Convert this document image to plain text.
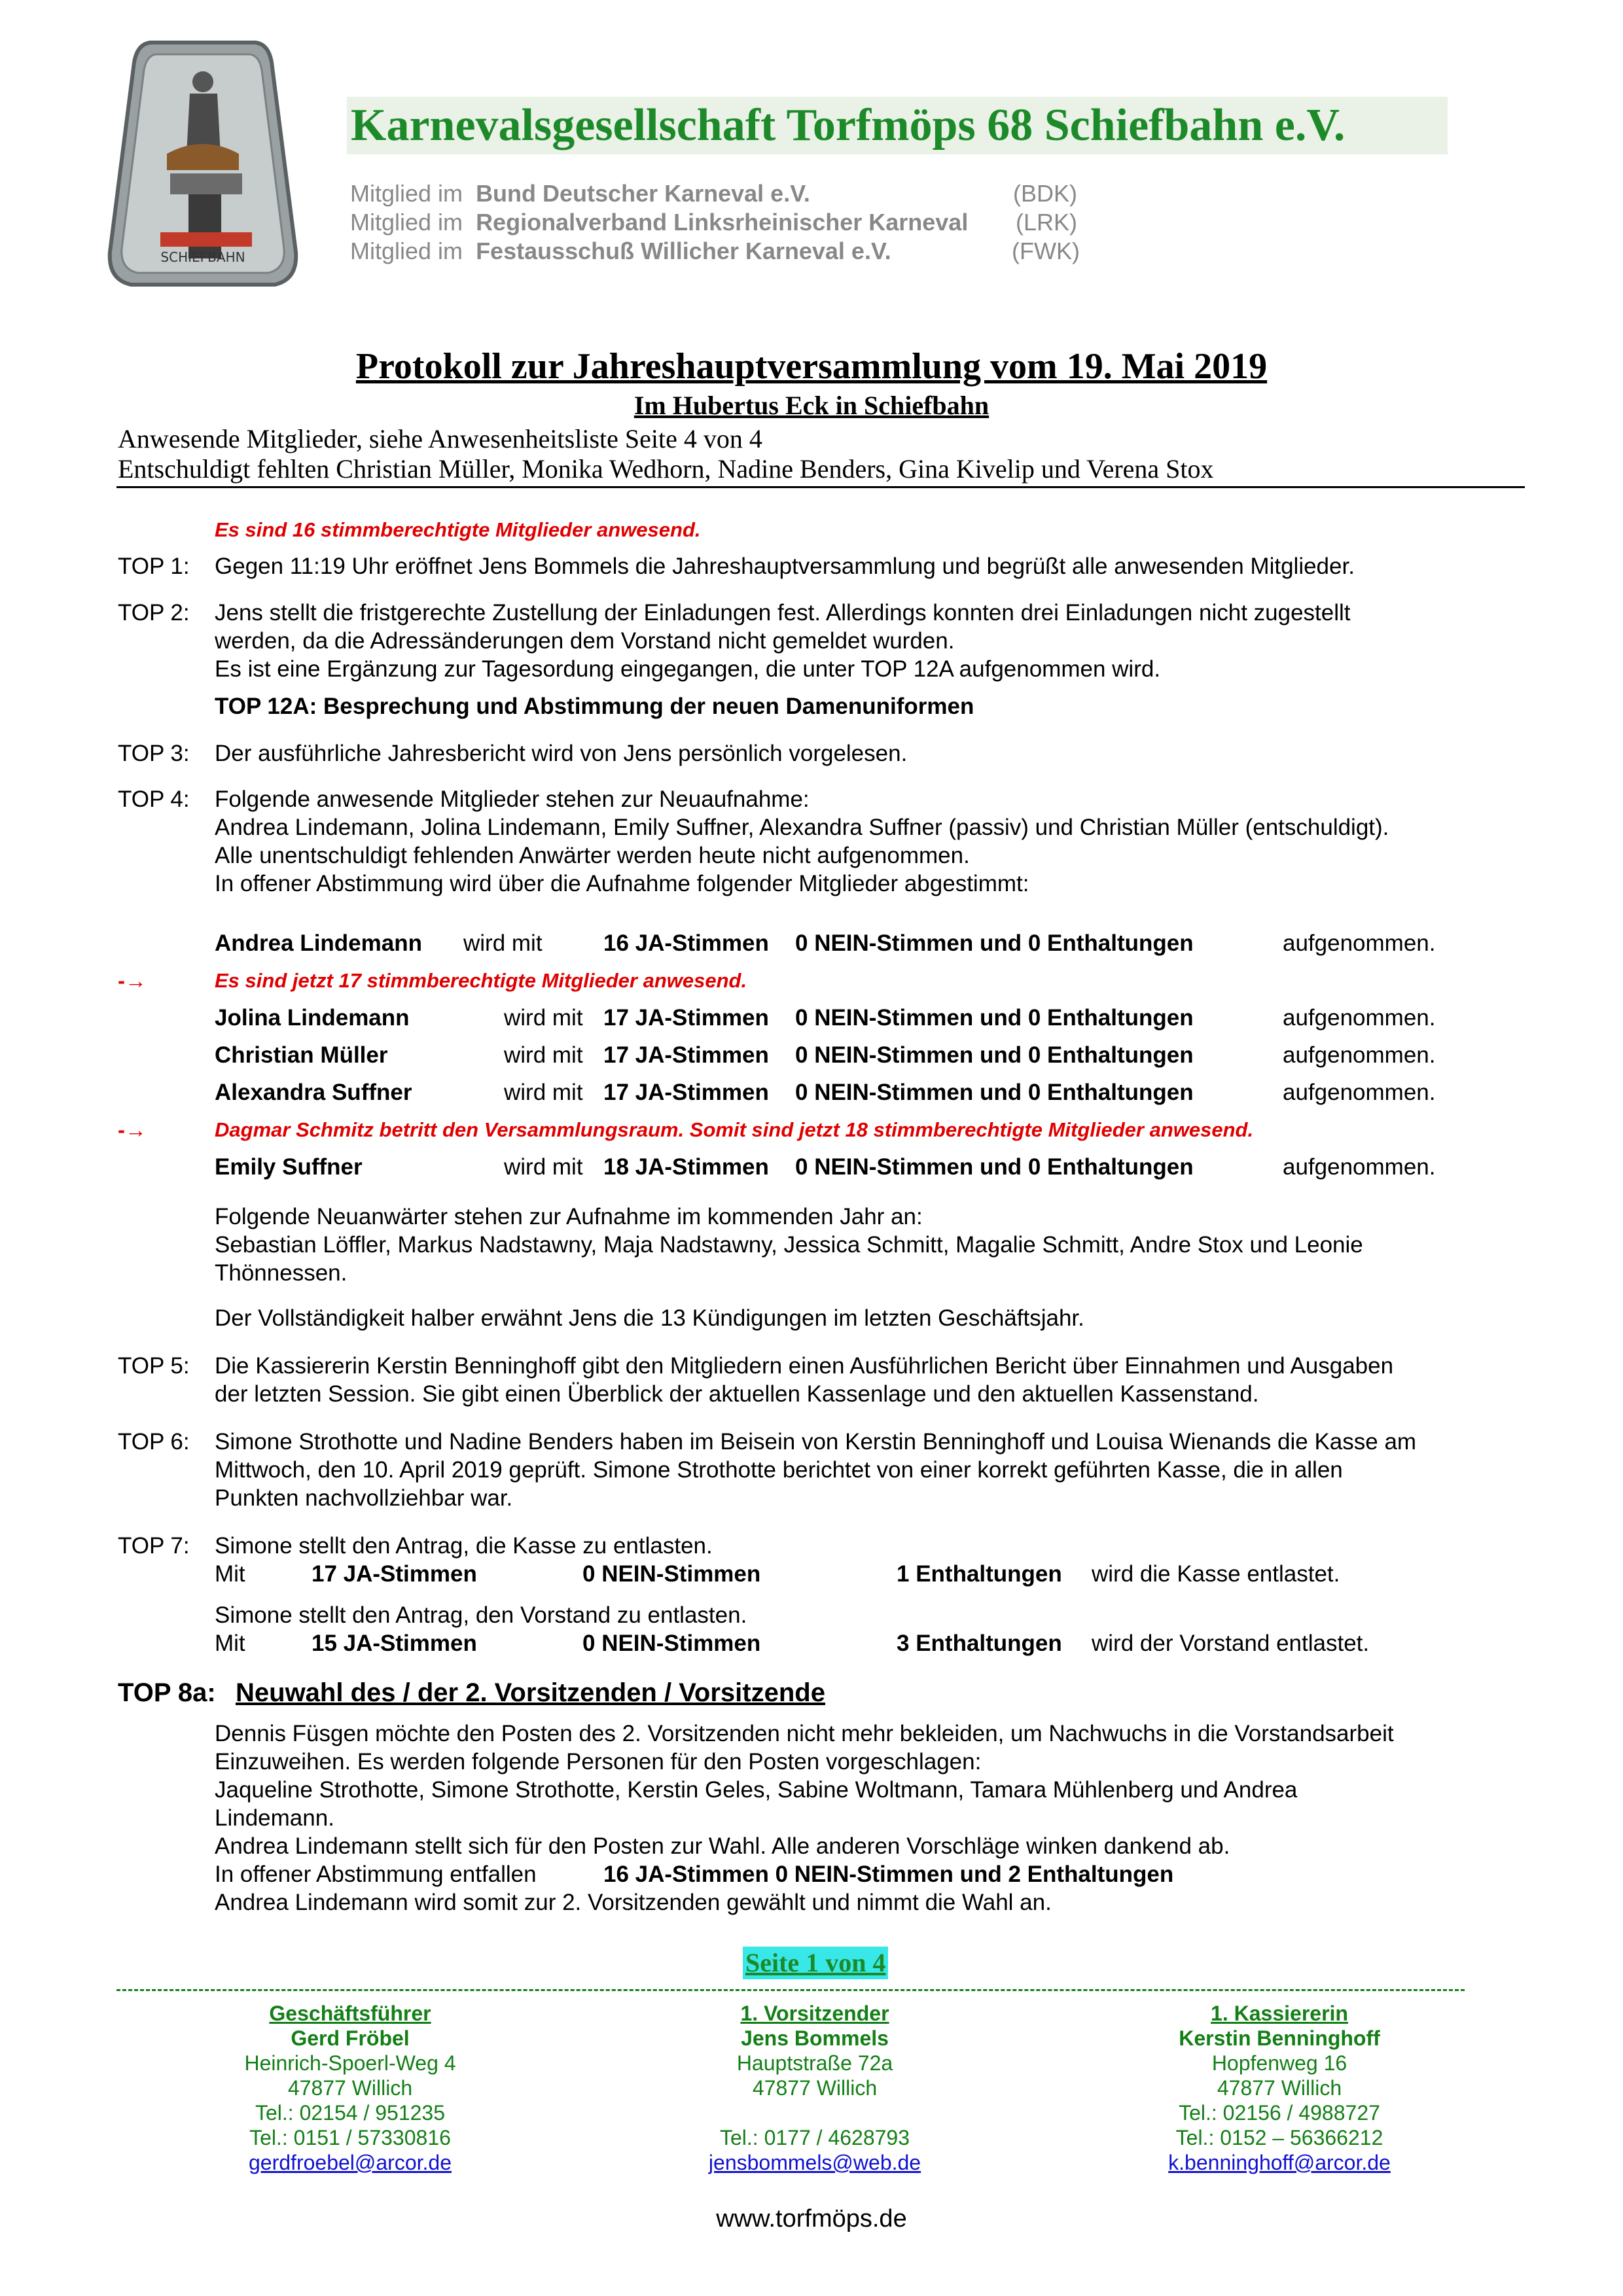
SCHIEFBAHN
Karnevalsgesellschaft Torfmöps 68 Schiefbahn e.V.
Mitglied im Bund Deutscher Karneval e.V.	(BDK)
Mitglied im Regionalverband Linksrheinischer Karneval (LRK)
Mitglied im Festausschuß Willicher Karneval e.V.	(FWK)
Protokoll zur Jahreshauptversammlung vom 19. Mai 2019
Im Hubertus Eck in Schiefbahn
Anwesende Mitglieder, siehe Anwesenheitsliste Seite 4 von 4
Entschuldigt fehlten Christian Müller, Monika Wedhorn, Nadine Benders, Gina Kivelip und Verena Stox
Es sind 16 stimmberechtigte Mitglieder anwesend.
TOP 1: Gegen 11:19 Uhr eröffnet Jens Bommels die Jahreshauptversammlung und begrüßt alle anwesenden Mitglieder.
TOP 2: Jens stellt die fristgerechte Zustellung der Einladungen fest. Allerdings konnten drei Einladungen nicht zugestellt
werden, da die Adressänderungen dem Vorstand nicht gemeldet wurden.
Es ist eine Ergänzung zur Tagesordung eingegangen, die unter TOP 12A aufgenommen wird.
TOP 12A: Besprechung und Abstimmung der neuen Damenuniformen
TOP 3: Der ausführliche Jahresbericht wird von Jens persönlich vorgelesen.
TOP 4: Folgende anwesende Mitglieder stehen zur Neuaufnahme:
Andrea Lindemann, Jolina Lindemann, Emily Suffner, Alexandra Suffner (passiv) und Christian Müller (entschuldigt).
Alle unentschuldigt fehlenden Anwärter werden heute nicht aufgenommen.
In offener Abstimmung wird über die Aufnahme folgender Mitglieder abgestimmt:
Andrea Lindemann wird mit	16 JA-Stimmen 0 NEIN-Stimmen und 0 Enthaltungen	aufgenommen.
-→	Es sind jetzt 17 stimmberechtigte Mitglieder anwesend.
Jolina Lindemann	wird mit 17 JA-Stimmen 0 NEIN-Stimmen und 0 Enthaltungen	aufgenommen.
Christian Müller	wird mit 17 JA-Stimmen 0 NEIN-Stimmen und 0 Enthaltungen	aufgenommen.
Alexandra Suffner	wird mit 17 JA-Stimmen 0 NEIN-Stimmen und 0 Enthaltungen	aufgenommen.
-→	Dagmar Schmitz betritt den Versammlungsraum. Somit sind jetzt 18 stimmberechtigte Mitglieder anwesend.
Emily Suffner	wird mit 18 JA-Stimmen 0 NEIN-Stimmen und 0 Enthaltungen	aufgenommen.
Folgende Neuanwärter stehen zur Aufnahme im kommenden Jahr an:
Sebastian Löffler, Markus Nadstawny, Maja Nadstawny, Jessica Schmitt, Magalie Schmitt, Andre Stox und Leonie
Thönnessen.
Der Vollständigkeit halber erwähnt Jens die 13 Kündigungen im letzten Geschäftsjahr.
TOP 5: Die Kassiererin Kerstin Benninghoff gibt den Mitgliedern einen Ausführlichen Bericht über Einnahmen und Ausgaben
der letzten Session. Sie gibt einen Überblick der aktuellen Kassenlage und den aktuellen Kassenstand.
TOP 6: Simone Strothotte und Nadine Benders haben im Beisein von Kerstin Benninghoff und Louisa Wienands die Kasse am
Mittwoch, den 10. April 2019 geprüft. Simone Strothotte berichtet von einer korrekt geführten Kasse, die in allen
Punkten nachvollziehbar war.
TOP 7: Simone stellt den Antrag, die Kasse zu entlasten.
Mit	17 JA-Stimmen	0 NEIN-Stimmen	1 Enthaltungen wird die Kasse entlastet.
Simone stellt den Antrag, den Vorstand zu entlasten.
Mit	15 JA-Stimmen	0 NEIN-Stimmen	3 Enthaltungen wird der Vorstand entlastet.
TOP 8a: Neuwahl des / der 2. Vorsitzenden / Vorsitzende
Dennis Füsgen möchte den Posten des 2. Vorsitzenden nicht mehr bekleiden, um Nachwuchs in die Vorstandsarbeit
Einzuweihen. Es werden folgende Personen für den Posten vorgeschlagen:
Jaqueline Strothotte, Simone Strothotte, Kerstin Geles, Sabine Woltmann, Tamara Mühlenberg und Andrea
Lindemann.
Andrea Lindemann stellt sich für den Posten zur Wahl. Alle anderen Vorschläge winken dankend ab.
In offener Abstimmung entfallen	16 JA-Stimmen 0 NEIN-Stimmen und 2 Enthaltungen
Andrea Lindemann wird somit zur 2. Vorsitzenden gewählt und nimmt die Wahl an.
Seite 1 von 4
Geschäftsführer
Gerd Fröbel
Heinrich-Spoerl-Weg 4
47877 Willich
Tel.: 02154 / 951235
Tel.: 0151 / 57330816
gerdfroebel@arcor.de
1. Vorsitzender
Jens Bommels
Hauptstraße 72a
47877 Willich
Tel.: 0177 / 4628793
jensbommels@web.de
1. Kassiererin
Kerstin Benninghoff
Hopfenweg 16
47877 Willich
Tel.: 02156 / 4988727
Tel.: 0152 – 56366212
k.benninghoff@arcor.de
www.torfmöps.de
